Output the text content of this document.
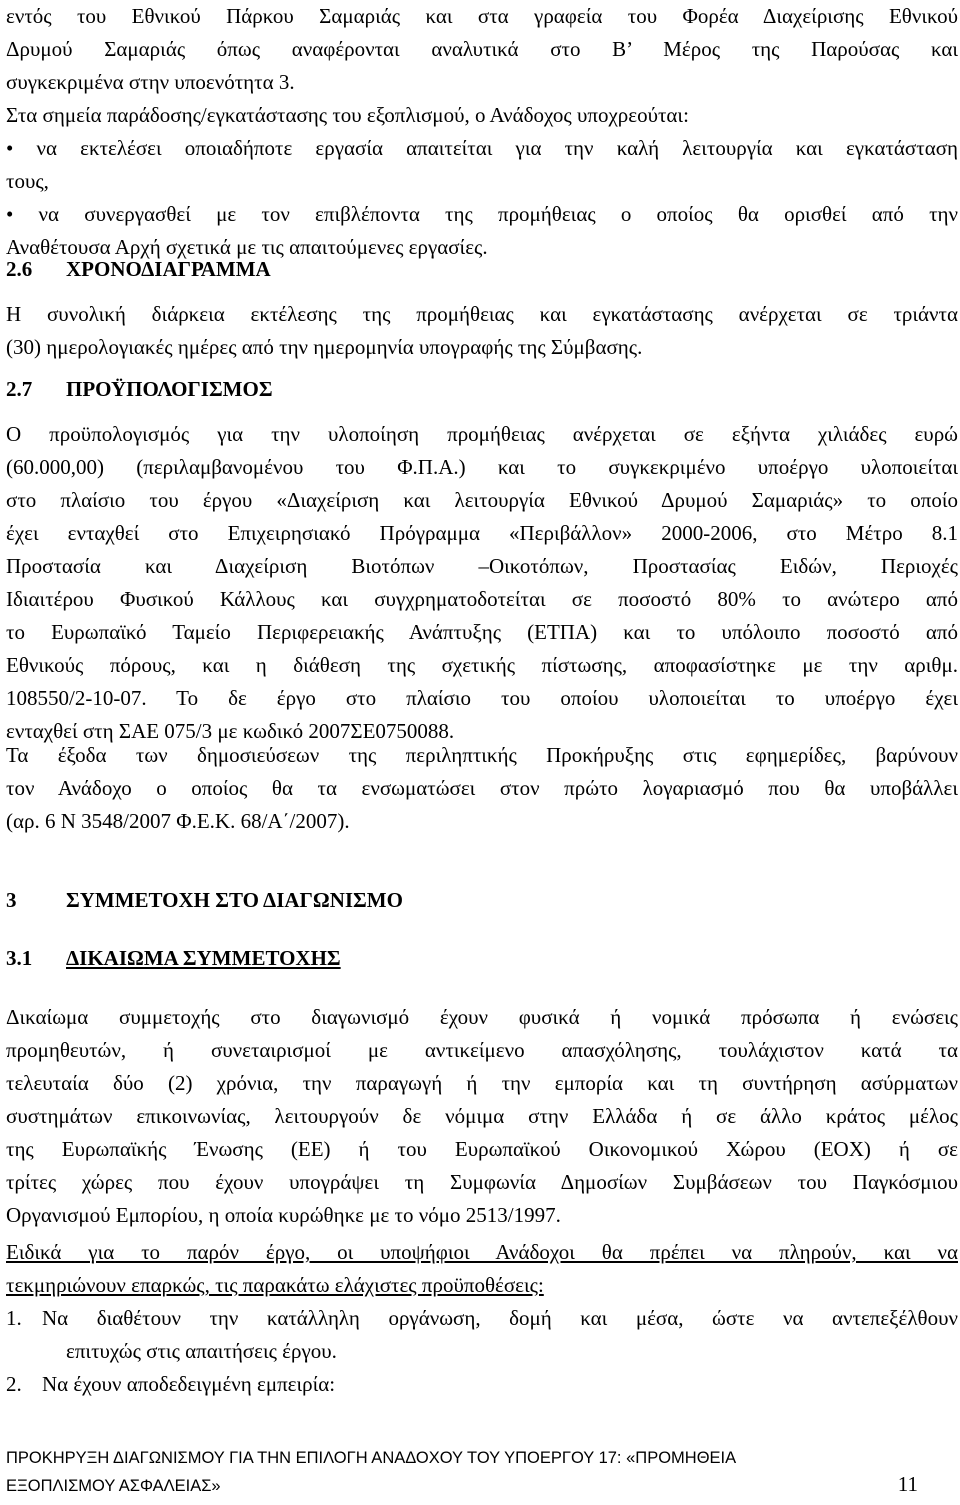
εντός του Εθνικού Πάρκου Σαμαριάς και στα γραφεία του Φορέα Διαχείρισης Εθνικού
Δρυμού Σαμαριάς όπως αναφέρονται αναλυτικά στο Β’ Μέρος της Παρούσας και
συγκεκριμένα στην υποενότητα 3.
Στα σημεία παράδοσης/εγκατάστασης του εξοπλισμού, ο Ανάδοχος υποχρεούται:
• να εκτελέσει οποιαδήποτε εργασία απαιτείται για την καλή λειτουργία και εγκατάσταση
τους,
• να συνεργασθεί με τον επιβλέποντα της προμήθειας ο οποίος θα ορισθεί από την
Αναθέτουσα Αρχή σχετικά με τις απαιτούμενες εργασίες.
2.6 ΧΡΟΝΟΔΙΑΓΡΑΜΜΑ
Η συνολική διάρκεια εκτέλεσης της προμήθειας και εγκατάστασης ανέρχεται σε τριάντα
(30) ημερολογιακές ημέρες από την ημερομηνία υπογραφής της Σύμβασης.
2.7 ΠΡΟΫΠΟΛΟΓΙΣΜΟΣ
Ο προϋπολογισμός για την υλοποίηση προμήθειας ανέρχεται σε εξήντα χιλιάδες ευρώ
(60.000,00) (περιλαμβανομένου του Φ.Π.Α.) και το συγκεκριμένο υποέργο υλοποιείται
στο πλαίσιο του έργου «Διαχείριση και λειτουργία Εθνικού Δρυμού Σαμαριάς» το οποίο
έχει ενταχθεί στο Επιχειρησιακό Πρόγραμμα «Περιβάλλον» 2000-2006, στο Μέτρο 8.1
Προστασία και Διαχείριση Βιοτόπων –Οικοτόπων, Προστασίας Ειδών, Περιοχές
Ιδιαιτέρου Φυσικού Κάλλους και συγχρηματοδοτείται σε ποσοστό 80% το ανώτερο από
το Ευρωπαϊκό Ταμείο Περιφερειακής Ανάπτυξης (ΕΤΠΑ) και το υπόλοιπο ποσοστό από
Εθνικούς πόρους, και η διάθεση της σχετικής πίστωσης, αποφασίστηκε με την αριθμ.
108550/2-10-07. Το δε έργο στο πλαίσιο του οποίου υλοποιείται το υποέργο έχει
ενταχθεί στη ΣΑΕ 075/3 με κωδικό 2007ΣΕ0750088.
Τα έξοδα των δημοσιεύσεων της περιληπτικής Προκήρυξης στις εφημερίδες, βαρύνουν
τον Ανάδοχο ο οποίος θα τα ενσωματώσει στον πρώτο λογαριασμό που θα υποβάλλει
(αρ. 6 Ν 3548/2007 Φ.Ε.Κ. 68/Α΄/2007).
3 ΣΥΜΜΕΤΟΧΗ ΣΤΟ ΔΙΑΓΩΝΙΣΜΟ
3.1 ΔΙΚΑΙΩΜΑ ΣΥΜΜΕΤΟΧΗΣ
Δικαίωμα συμμετοχής στο διαγωνισμό έχουν φυσικά ή νομικά πρόσωπα ή ενώσεις
προμηθευτών, ή συνεταιρισμοί με αντικείμενο απασχόλησης, τουλάχιστον κατά τα
τελευταία δύο (2) χρόνια, την παραγωγή ή την εμπορία και τη συντήρηση ασύρματων
συστημάτων επικοινωνίας, λειτουργούν δε νόμιμα στην Ελλάδα ή σε άλλο κράτος μέλος
της Ευρωπαϊκής Ένωσης (ΕΕ) ή του Ευρωπαϊκού Οικονομικού Χώρου (ΕΟΧ) ή σε
τρίτες χώρες που έχουν υπογράψει τη Συμφωνία Δημοσίων Συμβάσεων του Παγκόσμιου
Οργανισμού Εμπορίου, η οποία κυρώθηκε με το νόμο 2513/1997.
Ειδικά για το παρόν έργο, οι υποψήφιοι Ανάδοχοι θα πρέπει να πληρούν, και να
τεκμηριώνουν επαρκώς, τις παρακάτω ελάχιστες προϋποθέσεις:
1. Να διαθέτουν την κατάλληλη οργάνωση, δομή και μέσα, ώστε να αντεπεξέλθουν
επιτυχώς στις απαιτήσεις έργου.
2. Να έχουν αποδεδειγμένη εμπειρία:
ΠΡΟΚΗΡΥΞΗ ΔΙΑΓΩΝΙΣΜΟΥ ΓΙΑ ΤΗΝ ΕΠΙΛΟΓΗ ΑΝΑΔΟΧΟΥ ΤΟΥ ΥΠΟΕΡΓΟΥ 17: «ΠΡΟΜΗΘΕΙΑ
ΕΞΟΠΛΙΣΜΟΥ ΑΣΦΑΛΕΙΑΣ»	11
